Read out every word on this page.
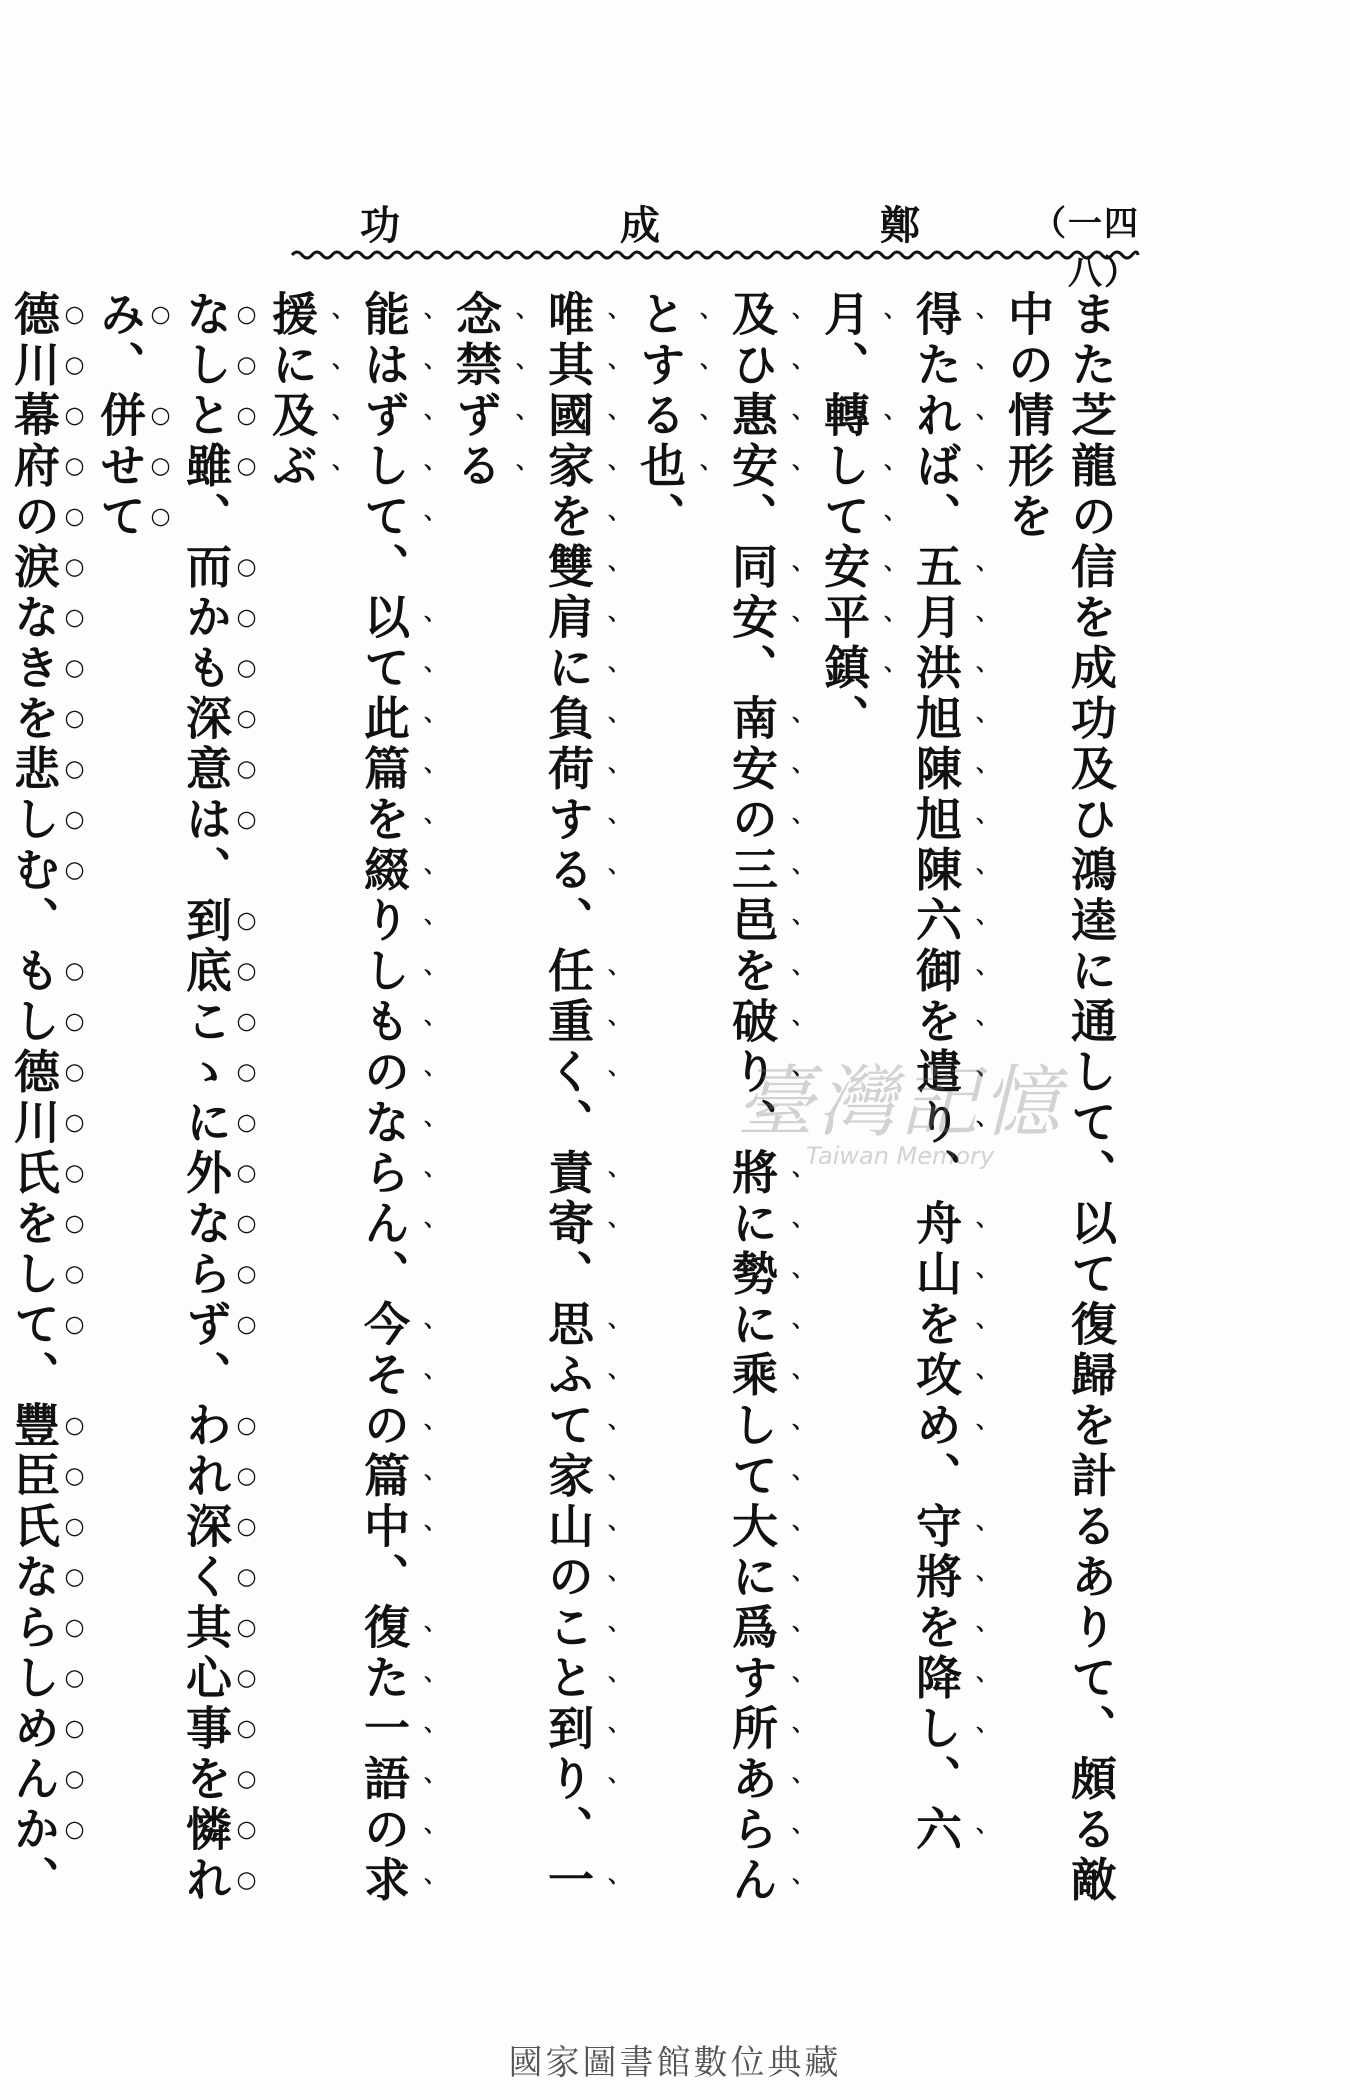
（一四八）
鄭
成
功

また芝龍の信を成功及ひ鴻逵に通して、以て復歸を計るありて、頗る敵中の情形を

得たれば、五月洪旭陳旭陳六御を遣り、舟山を攻め、守將を降し、六月、轉して安平鎮、

及ひ惠安、同安、南安の三邑を破り、將に勢に乘して大に爲す所あらんとする也、

唯其國家を雙肩に負荷する、任重く、責寄、思ふて家山のこと到り、一念禁ずる

能はずして、以て此篇を綴りしものならん、今その篇中、復た一語の求援に及ぶ

なしと雖、而かも深意は、到底こゝに外ならず、われ深く其心事を憐れみ、併せて

德川幕府の涙なきを悲しむ、もし德川氏をして、豐臣氏ならしめんか、

臺灣記憶
Taiwan Memory
國家圖書館數位典藏
